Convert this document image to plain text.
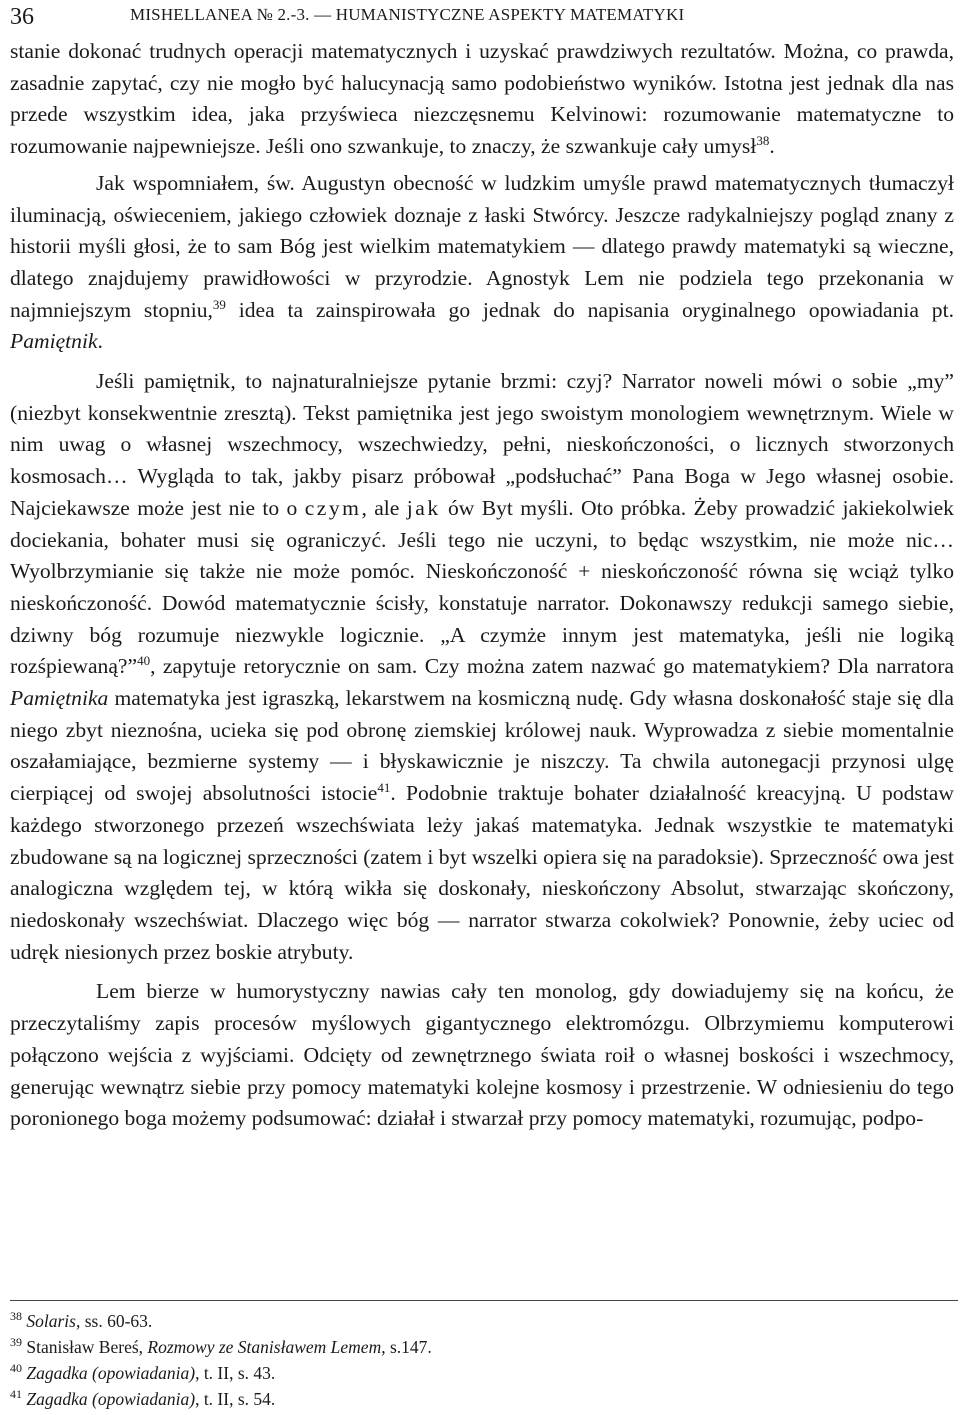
36	MISHELLANEA № 2.-3. — HUMANISTYCZNE ASPEKTY MATEMATYKI

stanie dokonać trudnych operacji matematycznych i uzyskać prawdziwych rezultatów. Można, co prawda, zasadnie zapytać, czy nie mogło być halucynacją samo podobieństwo wyników. Istotna jest jednak dla nas przede wszystkim idea, jaka przyświeca niezczęsnemu Kelvinowi: rozumowanie matematyczne to rozumowanie najpewniejsze. Jeśli ono szwankuje, to znaczy, że szwankuje cały umysł$^{38}$.

Jak wspomniałem, św. Augustyn obecność w ludzkim umyśle prawd matematycznych tłumaczył iluminacją, oświeceniem, jakiego człowiek doznaje z łaski Stwórcy. Jeszcze radykalniejszy pogląd znany z historii myśli głosi, że to sam Bóg jest wielkim matematykiem — dlatego prawdy matematyki są wieczne, dlatego znajdujemy prawidłowości w przyrodzie. Agnostyk Lem nie podziela tego przekonania w najmniejszym stopniu,$^{39}$ idea ta zainspirowała go jednak do napisania oryginalnego opowiadania pt. Pamiętnik.

Jeśli pamiętnik, to najnaturalniejsze pytanie brzmi: czyj? Narrator noweli mówi o sobie „my” (niezbyt konsekwentnie zresztą). Tekst pamiętnika jest jego swoistym monologiem wewnętrznym. Wiele w nim uwag o własnej wszechmocy, wszechwiedzy, pełni, nieskończoności, o licznych stworzonych kosmosach… Wygląda to tak, jakby pisarz próbował „podsłuchać” Pana Boga w Jego własnej osobie. Najciekawsze może jest nie to o czym, ale jak ów Byt myśli. Oto próbka. Żeby prowadzić jakiekolwiek dociekania, bohater musi się ograniczyć. Jeśli tego nie uczyni, to będąc wszystkim, nie może nic… Wyolbrzymianie się także nie może pomóc. Nieskończoność + nieskończoność równa się wciąż tylko nieskończoność. Dowód matematycznie ścisły, konstatuje narrator. Dokonawszy redukcji samego siebie, dziwny bóg rozumuje niezwykle logicznie. „A czymże innym jest matematyka, jeśli nie logiką rozśpiewaną?”$^{40}$, zapytuje retorycznie on sam. Czy można zatem nazwać go matematykiem? Dla narratora Pamiętnika matematyka jest igraszką, lekarstwem na kosmiczną nudę. Gdy własna doskonałość staje się dla niego zbyt nieznośna, ucieka się pod obronę ziemskiej królowej nauk. Wyprowadza z siebie momentalnie oszałamiające, bezmierne systemy — i błyskawicznie je niszczy. Ta chwila autonegacji przynosi ulgę cierpiącej od swojej absolutności istocie$^{41}$. Podobnie traktuje bohater działalność kreacyjną. U podstaw każdego stworzonego przezeń wszechświata leży jakaś matematyka. Jednak wszystkie te matematyki zbudowane są na logicznej sprzeczności (zatem i byt wszelki opiera się na paradoksie). Sprzeczność owa jest analogiczna względem tej, w którą wikła się doskonały, nieskończony Absolut, stwarzając skończony, niedoskonały wszechświat. Dlaczego więc bóg — narrator stwarza cokolwiek? Ponownie, żeby uciec od udręk niesionych przez boskie atrybuty.

Lem bierze w humorystyczny nawias cały ten monolog, gdy dowiadujemy się na końcu, że przeczytaliśmy zapis procesów myślowych gigantycznego elektromózgu. Olbrzymiemu komputerowi połączono wejścia z wyjściami. Odcięty od zewnętrznego świata roił o własnej boskości i wszechmocy, generując wewnątrz siebie przy pomocy matematyki kolejne kosmosy i przestrzenie. W odniesieniu do tego poronionego boga możemy podsumować: działał i stwarzał przy pomocy matematyki, rozumując, podpo-

$^{38}$ Solaris, ss. 60-63.
$^{39}$ Stanisław Bereś, Rozmowy ze Stanisławem Lemem, s.147.
$^{40}$ Zagadka (opowiadania), t. II, s. 43.
$^{41}$ Zagadka (opowiadania), t. II, s. 54.
